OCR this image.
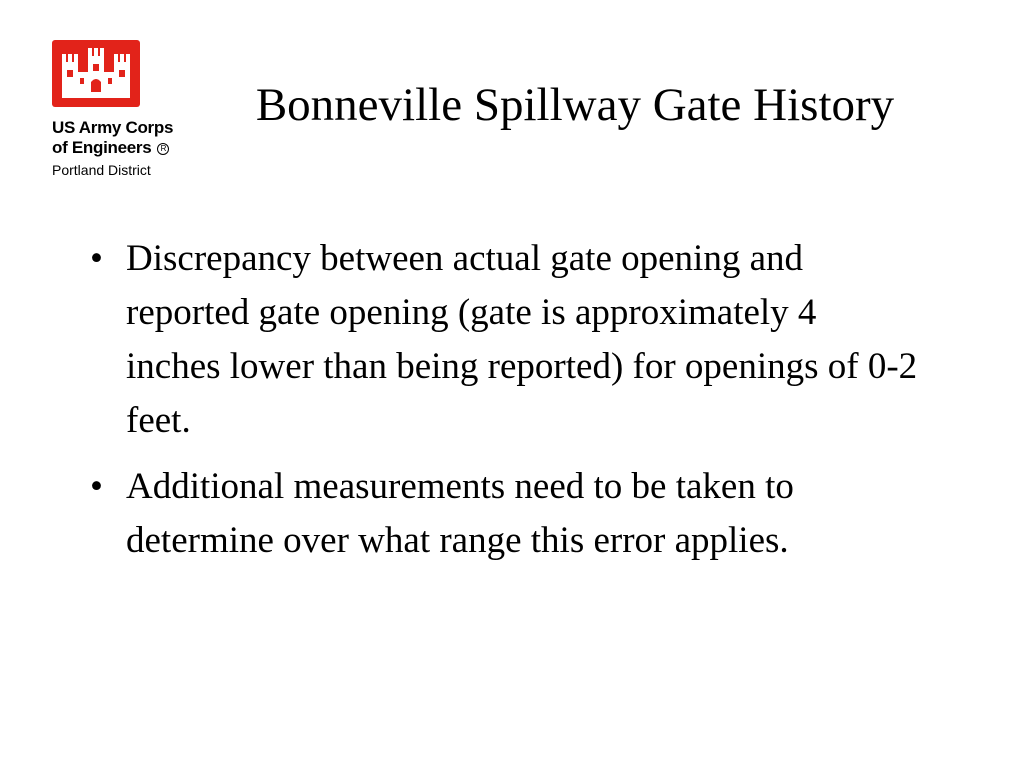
US Army Corps
of Engineers R
Portland District
Bonneville Spillway Gate History
• Discrepancy between actual gate opening and reported gate opening (gate is approximately 4 inches lower than being reported) for openings of 0-2 feet.
• Additional measurements need to be taken to determine over what range this error applies.
